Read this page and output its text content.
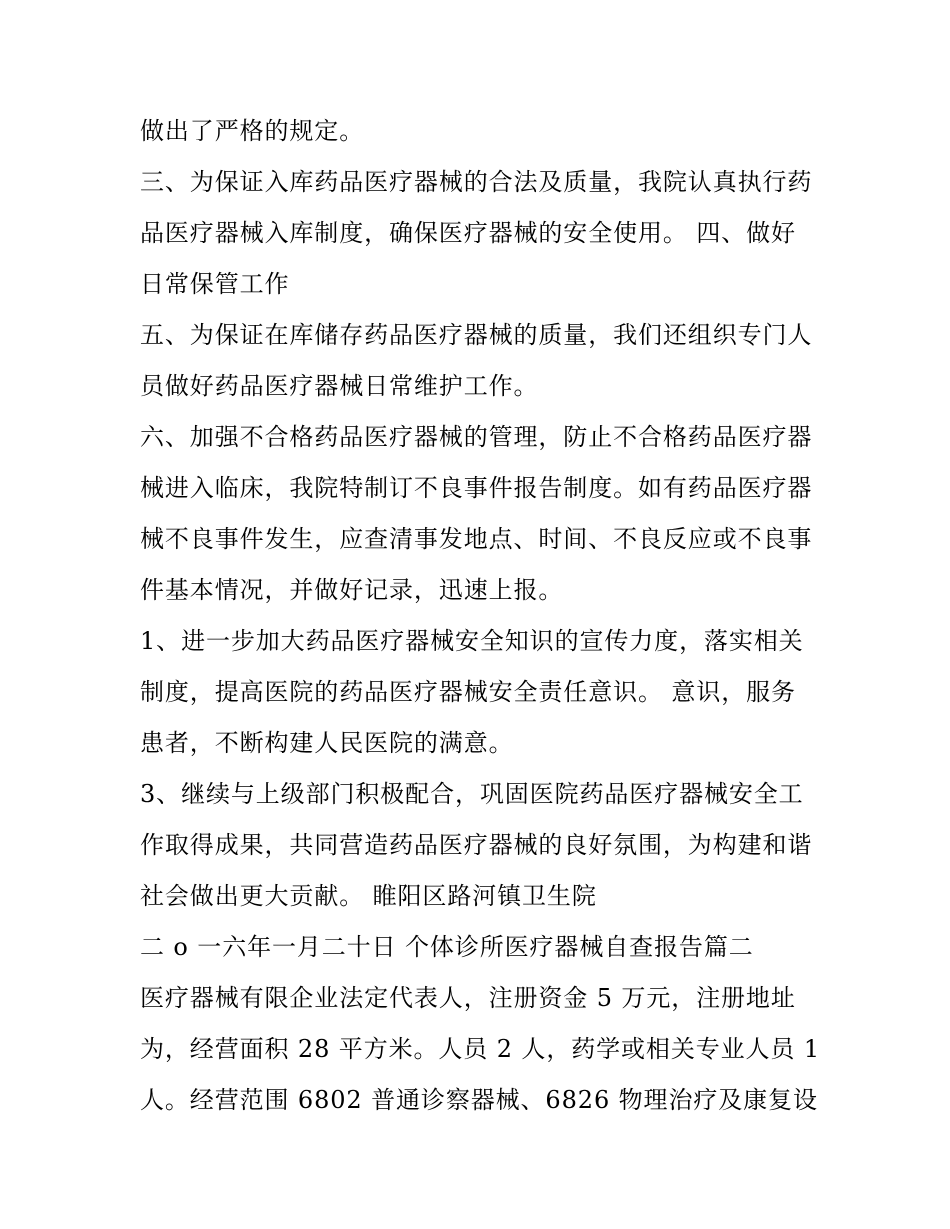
做出了严格的规定。
三、为保证入库药品医疗器械的合法及质量，我院认真执行药
品医疗器械入库制度，确保医疗器械的安全使用。 四、做好
日常保管工作
五、为保证在库储存药品医疗器械的质量，我们还组织专门人
员做好药品医疗器械日常维护工作。
六、加强不合格药品医疗器械的管理，防止不合格药品医疗器
械进入临床，我院特制订不良事件报告制度。如有药品医疗器
械不良事件发生，应查清事发地点、时间、不良反应或不良事
件基本情况，并做好记录，迅速上报。
1、进一步加大药品医疗器械安全知识的宣传力度，落实相关
制度，提高医院的药品医疗器械安全责任意识。 意识，服务
患者，不断构建人民医院的满意。
3、继续与上级部门积极配合，巩固医院药品医疗器械安全工
作取得成果，共同营造药品医疗器械的良好氛围，为构建和谐
社会做出更大贡献。 睢阳区路河镇卫生院
二 o 一六年一月二十日 个体诊所医疗器械自查报告篇二
医疗器械有限企业法定代表人，注册资金 5 万元，注册地址
为，经营面积 28 平方米。人员 2 人，药学或相关专业人员 1
人。经营范围 6802 普通诊察器械、6826 物理治疗及康复设
